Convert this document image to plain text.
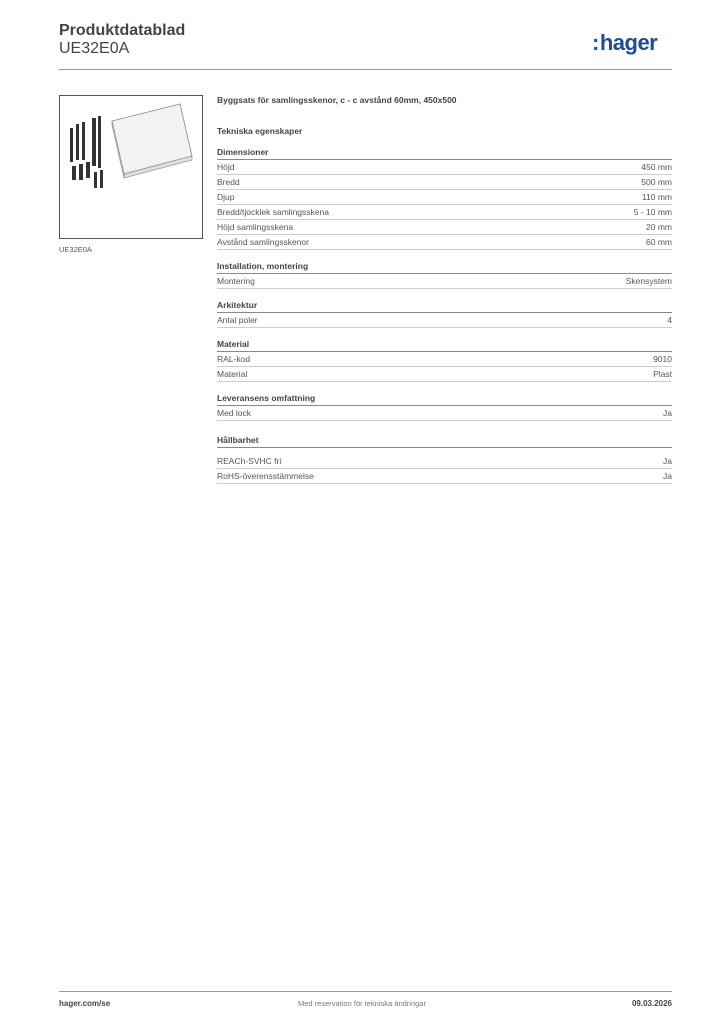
Produktdatablad
UE32E0A	:hager
UE32E0A
Byggsats för samlingsskenor, c - c avstånd 60mm, 450x500
Tekniska egenskaper
Dimensioner
Höjd	450 mm
Bredd	500 mm
Djup	110 mm
Bredd/tjocklek samlingsskena	5 - 10 mm
Höjd samlingsskena	20 mm
Avstånd samlingsskenor	60 mm
Installation, montering
Montering	Skensystem
Arkitektur
Antal poler	4
Material
RAL-kod	9010
Material	Plast
Leveransens omfattning
Med lock	Ja
Hållbarhet
REACh-SVHC fri	Ja
RoHS-överensstämmelse	Ja
hager.com/se	Med reservation för tekniska ändringar	09.03.2026
